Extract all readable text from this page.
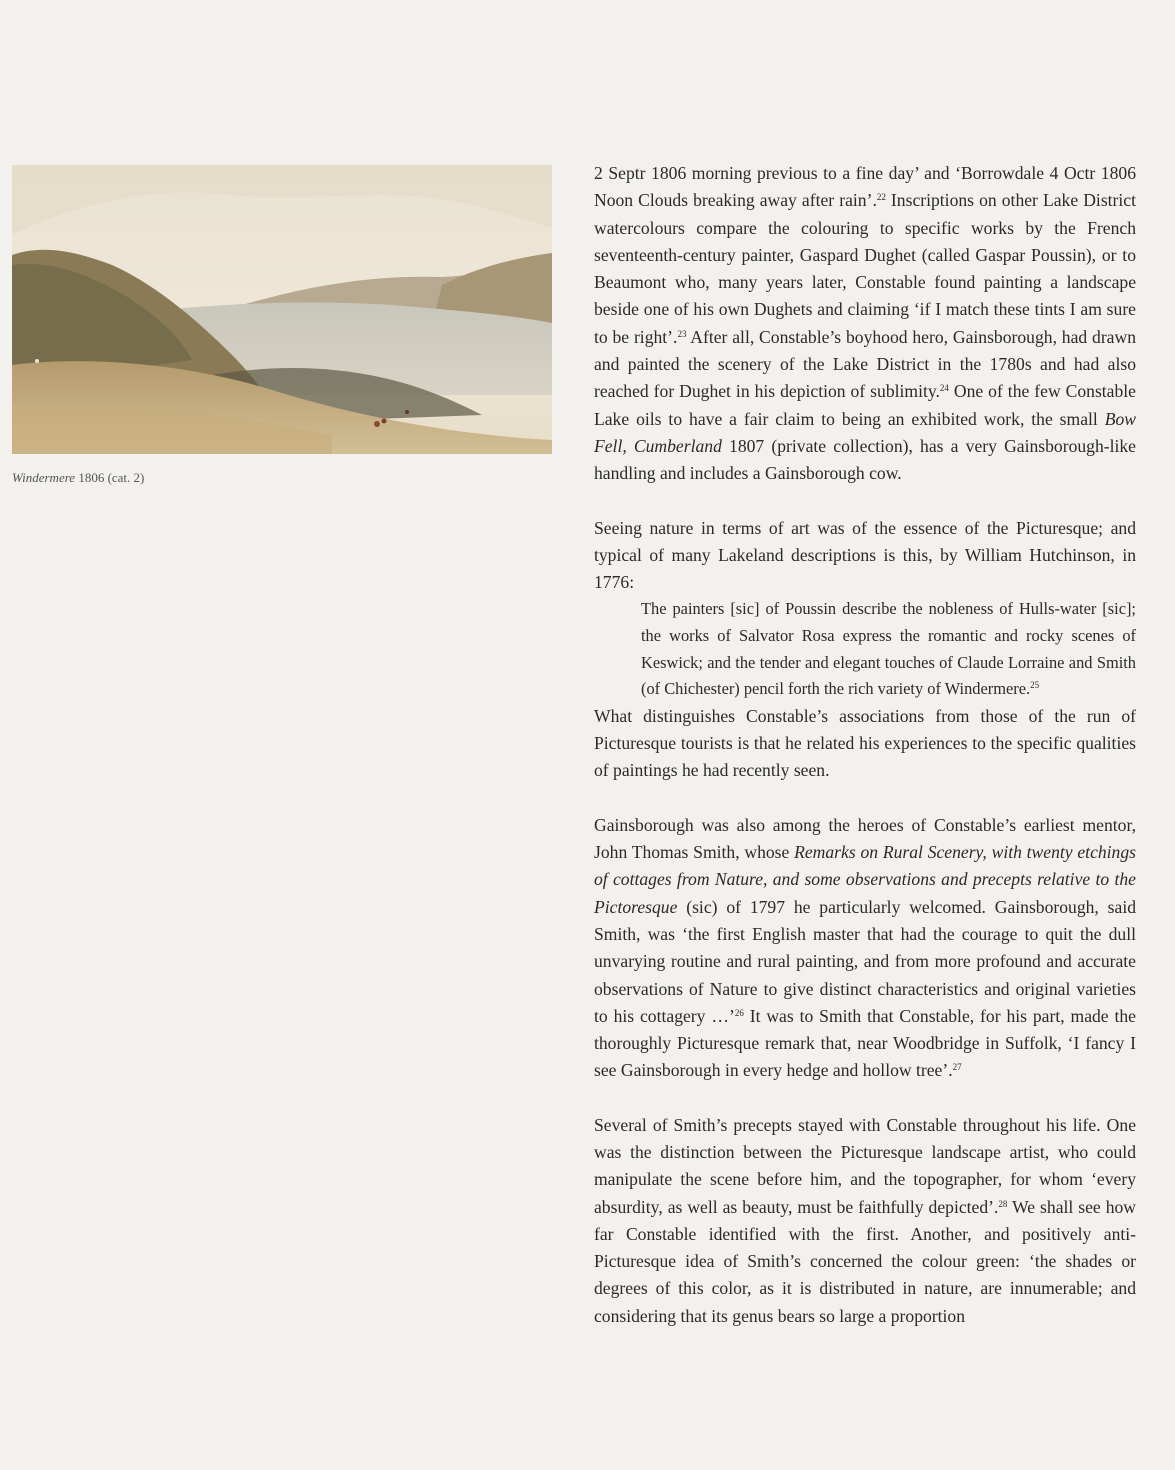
Windermere 1806 (cat. 2)

2 Septr 1806 morning previous to a fine day’ and ‘Borrowdale 4 Octr 1806 Noon Clouds breaking away after rain’.$^{22}$ Inscriptions on other Lake District watercolours compare the colouring to specific works by the French seventeenth-century painter, Gaspard Dughet (called Gaspar Poussin), or to Beaumont who, many years later, Constable found painting a landscape beside one of his own Dughets and claiming ‘if I match these tints I am sure to be right’.$^{23}$ After all, Constable’s boyhood hero, Gainsborough, had drawn and painted the scenery of the Lake District in the 1780s and had also reached for Dughet in his depiction of sublimity.$^{24}$ One of the few Constable Lake oils to have a fair claim to being an exhibited work, the small Bow Fell, Cumberland 1807 (private collection), has a very Gainsborough-like handling and includes a Gainsborough cow.

Seeing nature in terms of art was of the essence of the Picturesque; and typical of many Lakeland descriptions is this, by William Hutchinson, in 1776:

The painters [sic] of Poussin describe the nobleness of Hulls-water [sic]; the works of Salvator Rosa express the romantic and rocky scenes of Keswick; and the tender and elegant touches of Claude Lorraine and Smith (of Chichester) pencil forth the rich variety of Windermere.$^{25}$

What distinguishes Constable’s associations from those of the run of Picturesque tourists is that he related his experiences to the specific qualities of paintings he had recently seen.

Gainsborough was also among the heroes of Constable’s earliest mentor, John Thomas Smith, whose Remarks on Rural Scenery, with twenty etchings of cottages from Nature, and some observations and precepts relative to the Pictoresque (sic) of 1797 he particularly welcomed. Gainsborough, said Smith, was ‘the first English master that had the courage to quit the dull unvarying routine and rural painting, and from more profound and accurate observations of Nature to give distinct characteristics and original varieties to his cottagery …’$^{26}$ It was to Smith that Constable, for his part, made the thoroughly Picturesque remark that, near Woodbridge in Suffolk, ‘I fancy I see Gainsborough in every hedge and hollow tree’.$^{27}$

Several of Smith’s precepts stayed with Constable throughout his life. One was the distinction between the Picturesque landscape artist, who could manipulate the scene before him, and the topographer, for whom ‘every absurdity, as well as beauty, must be faithfully depicted’.$^{28}$ We shall see how far Constable identified with the first. Another, and positively anti-Picturesque idea of Smith’s concerned the colour green: ‘the shades or degrees of this color, as it is distributed in nature, are innumerable; and considering that its genus bears so large a proportion
